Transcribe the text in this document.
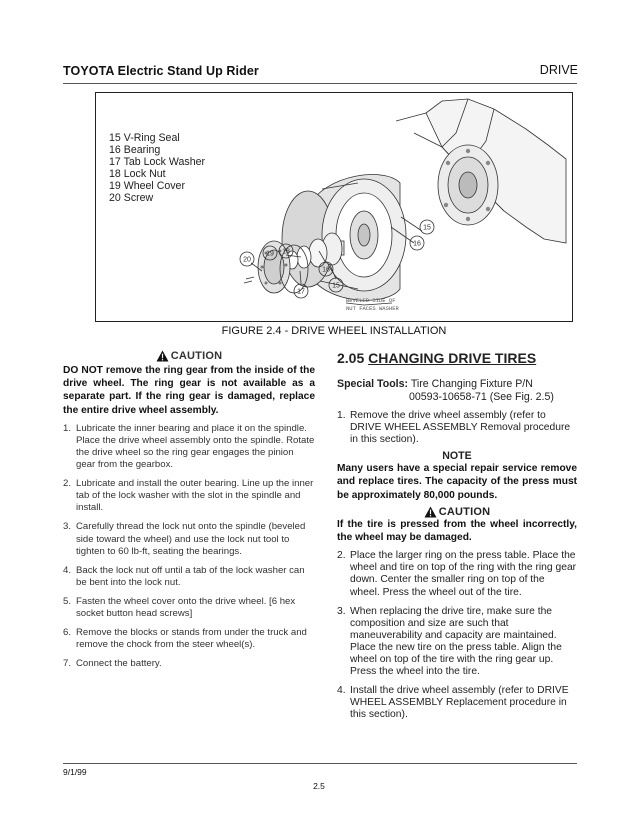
TOYOTA Electric Stand Up Rider	DRIVE
15 V-Ring Seal
16 Bearing
17 Tab Lock Washer
18 Lock Nut
19 Wheel Cover
20 Screw
20
19 18
17
16
15
16
15
BEVELED SIDE OF
NUT FACES WASHER
FIGURE 2.4 - DRIVE WHEEL INSTALLATION
CAUTION
DO NOT remove the ring gear from the inside of the drive wheel. The ring gear is not available as a separate part. If the ring gear is damaged, replace the entire drive wheel assembly.
1. Lubricate the inner bearing and place it on the spindle. Place the drive wheel assembly onto the spindle. Rotate the drive wheel so the ring gear engages the pinion gear from the gearbox.
2. Lubricate and install the outer bearing. Line up the inner tab of the lock washer with the slot in the spindle and install.
3. Carefully thread the lock nut onto the spindle (beveled side toward the wheel) and use the lock nut tool to tighten to 60 lb-ft, seating the bearings.
4. Back the lock nut off until a tab of the lock washer can be bent into the lock nut.
5. Fasten the wheel cover onto the drive wheel. [6 hex socket button head screws]
6. Remove the blocks or stands from under the truck and remove the chock from the steer wheel(s).
7. Connect the battery.
2.05 CHANGING DRIVE TIRES
Special Tools: Tire Changing Fixture P/N
00593-10658-71 (See Fig. 2.5)
1. Remove the drive wheel assembly (refer to DRIVE WHEEL ASSEMBLY Removal procedure in this section).
NOTE
Many users have a special repair service remove and replace tires. The capacity of the press must be approximately 80,000 pounds.
CAUTION
If the tire is pressed from the wheel incorrectly, the wheel may be damaged.
2. Place the larger ring on the press table. Place the wheel and tire on top of the ring with the ring gear down. Center the smaller ring on top of the wheel. Press the wheel out of the tire.
3. When replacing the drive tire, make sure the composition and size are such that maneuverability and capacity are maintained. Place the new tire on the press table. Align the wheel on top of the tire with the ring gear up. Press the wheel into the tire.
4. Install the drive wheel assembly (refer to DRIVE WHEEL ASSEMBLY Replacement procedure in this section).
9/1/99
2.5
